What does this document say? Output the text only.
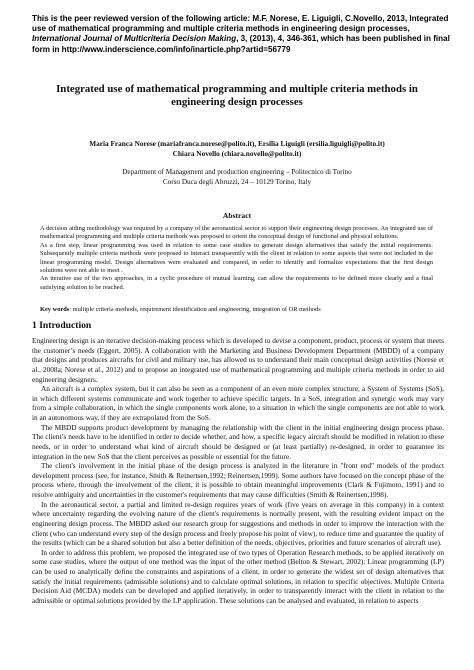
This is the peer reviewed version of the following article: M.F. Norese, E. Liguigli, C.Novello, 2013, Integrated use of mathematical programming and multiple criteria methods in engineering design processes, International Journal of Multicriteria Decision Making, 3, (2013), 4, 346-361, which has been published in final form in http://www.inderscience.com/info/inarticle.php?artid=56779
Integrated use of mathematical programming and multiple criteria methods in engineering design processes
Maria Franca Norese (mariafranca.norese@polito.it), Ersilia Liguigli (ersilia.liguigli@polito.it)
Chiara Novello (chiara.novello@polito.it)
Department of Management and production engineering – Politecnico di Torino
Corso Duca degli Abruzzi, 24 – 10129 Torino, Italy
Abstract

A decision aiding methodology was required by a company of the aeronautical sector to support their engineering design processes. An integrated use of mathematical programming and multiple criteria methods was proposed to orient the conceptual design of functional and physical solutions.

As a first step, linear programming was used in relation to some case studies to generate design alternatives that satisfy the initial requirements. Subsequently multiple criteria methods were proposed to interact transparently with the client in relation to some aspects that were not included in the linear programming model. Design alternatives were evaluated and compared, in order to identify and formalize expectations that the first design solutions were not able to meet .

An iterative use of the two approaches, in a cyclic procedure of mutual learning, can allow the requirements to be defined more clearly and a final satisfying solution to be reached.

Key words: multiple criteria methods, requirement identification and engineering, integration of OR methods
1 Introduction

Engineering design is an iterative decision-making process which is developed to devise a component, product, process or system that meets the customer’s needs (Eggert, 2005). A collaboration with the Marketing and Business Development Department (MBDD) of a company that designs and produces aircrafts for civil and military use, has allowed us to understand their main conceptual design activities (Norese et al., 2008a; Norese et al., 2012) and to propose an integrated use of mathematical programming and multiple criteria methods in order to aid engineering designers.

An aircraft is a complex system, but it can also be seen as a component of an even more complex structure, a System of Systems (SoS), in which different systems communicate and work together to achieve specific targets. In a SoS, integration and synergic work may vary from a simple collaboration, in which the single components work alone, to a situation in which the single components are not able to work in an autonomous way, if they are extrapolated from the SoS.

The MBDD supports product development by managing the relationship with the client in the initial engineering design process phase. The client’s needs have to be identified in order to decide whether, and how, a specific legacy aircraft should be modified in relation to these needs, or in order to understand what kind of aircraft should be designed or (at least partially) re-designed, in order to guarantee its integration in the new SoS that the client perceives as possible or essential for the future.

The client's involvement in the initial phase of the design process is analyzed in the literature in "front end" models of the product development process (see, for instance, Smith & Reinertsen,1992; Reinertsen,1999). Some authors have focused on the concept phase of the process where, through the involvement of the client, it is possible to obtain meaningful improvements (Clark & Fujimoto, 1991) and to resolve ambiguity and uncertainties in the customer's requirements that may cause difficulties (Smith & Reinertsen,1998).

In the aeronautical sector, a partial and limited re-design requires years of work (five years on average in this company) in a context where uncertainty regarding the evolving nature of the client's requirements is normally present, with the resulting evident impact on the engineering design process. The MBDD asked our research group for suggestions and methods in order to improve the interaction with the client (who can understand every step of the design process and freely propose his point of view), to reduce time and guarantee the quality of the results (which can be a shared solution but also a better definition of the needs, objectives, priorities and future scenarios of aircraft use).

In order to address this problem, we proposed the integrated use of two types of Operation Research methods, to be applied iteratively on some case studies, where the output of one method was the input of the other method (Belton & Stewart, 2002): Linear programming (LP) can be used to analytically define the constraints and aspirations of a client, in order to generate the widest set of design alternatives that satisfy the initial requirements (admissible solutions) and to calculate optimal solutions, in relation to specific objectives. Multiple Criteria Decision Aid (MCDA) models can be developed and applied iteratively, in order to transparently interact with the client in relation to the admissible or optimal solutions provided by the LP application. These solutions can be analysed and evaluated, in relation to aspects
